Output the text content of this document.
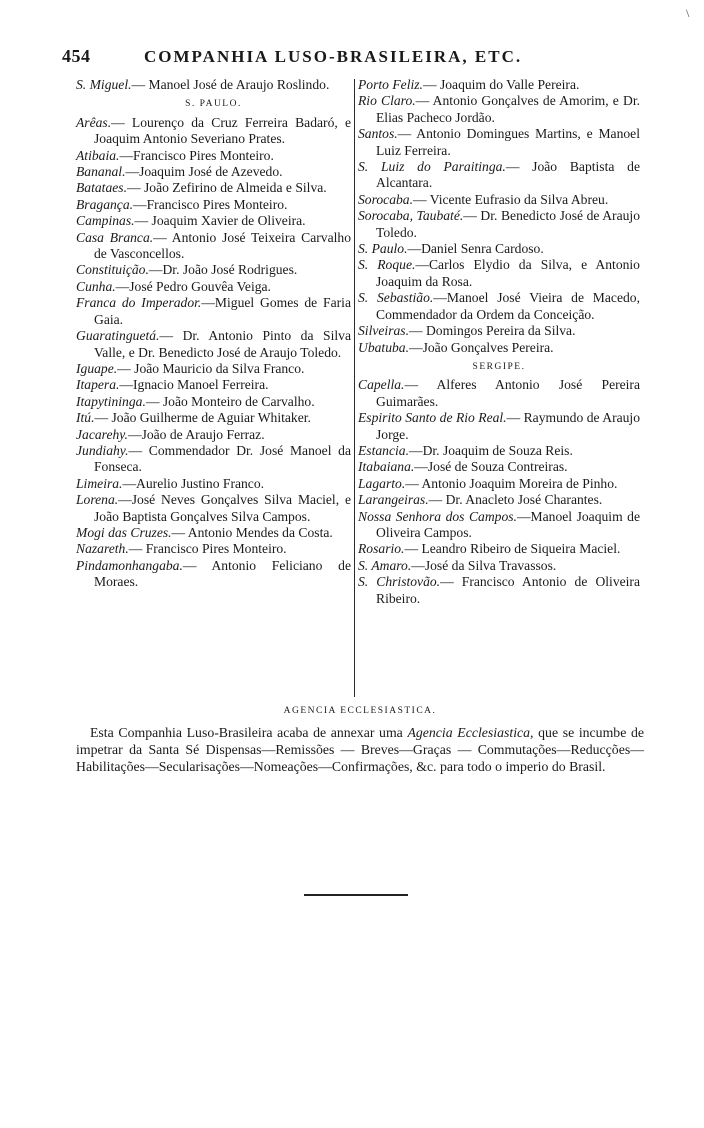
\
454	COMPANHIA LUSO-BRASILEIRA, ETC.

S. Miguel.— Manoel José de Araujo Roslindo.

S. PAULO.

Arêas.— Lourenço da Cruz Ferreira Badaró, e Joaquim Antonio Severiano Prates.

Atibaia.—Francisco Pires Monteiro.

Bananal.—Joaquim José de Azevedo.

Batataes.— João Zefirino de Almeida e Silva.

Bragança.—Francisco Pires Monteiro.

Campinas.— Joaquim Xavier de Oliveira.

Casa Branca.— Antonio José Teixeira Carvalho de Vasconcellos.

Constituição.—Dr. João José Rodrigues.

Cunha.—José Pedro Gouvêa Veiga.

Franca do Imperador.—Miguel Gomes de Faria Gaia.

Guaratinguetá.— Dr. Antonio Pinto da Silva Valle, e Dr. Benedicto José de Araujo Toledo.

Iguape.— João Mauricio da Silva Franco.

Itapera.—Ignacio Manoel Ferreira.

Itapytininga.— João Monteiro de Carvalho.

Itú.— João Guilherme de Aguiar Whitaker.

Jacarehy.—João de Araujo Ferraz.

Jundiahy.— Commendador Dr. José Manoel da Fonseca.

Limeira.—Aurelio Justino Franco.

Lorena.—José Neves Gonçalves Silva Maciel, e João Baptista Gonçalves Silva Campos.

Mogi das Cruzes.— Antonio Mendes da Costa.

Nazareth.— Francisco Pires Monteiro.

Pindamonhangaba.— Antonio Feliciano de Moraes.

Porto Feliz.— Joaquim do Valle Pereira.

Rio Claro.— Antonio Gonçalves de Amorim, e Dr. Elias Pacheco Jordão.

Santos.— Antonio Domingues Martins, e Manoel Luiz Ferreira.

S. Luiz do Paraitinga.— João Baptista de Alcantara.

Sorocaba.— Vicente Eufrasio da Silva Abreu.

Sorocaba, Taubaté.— Dr. Benedicto José de Araujo Toledo.

S. Paulo.—Daniel Senra Cardoso.

S. Roque.—Carlos Elydio da Silva, e Antonio Joaquim da Rosa.

S. Sebastião.—Manoel José Vieira de Macedo, Commendador da Ordem da Conceição.

Silveiras.— Domingos Pereira da Silva.

Ubatuba.—João Gonçalves Pereira.

SERGIPE.

Capella.— Alferes Antonio José Pereira Guimarães.

Espirito Santo de Rio Real.— Raymundo de Araujo Jorge.

Estancia.—Dr. Joaquim de Souza Reis.

Itabaiana.—José de Souza Contreiras.

Lagarto.— Antonio Joaquim Moreira de Pinho.

Larangeiras.— Dr. Anacleto José Charantes.

Nossa Senhora dos Campos.—Manoel Joaquim de Oliveira Campos.

Rosario.— Leandro Ribeiro de Siqueira Maciel.

S. Amaro.—José da Silva Travassos.

S. Christovão.— Francisco Antonio de Oliveira Ribeiro.

AGENCIA ECCLESIASTICA.

Esta Companhia Luso-Brasileira acaba de annexar uma Agencia Ecclesiastica, que se incumbe de impetrar da Santa Sé Dispensas—Remissões — Breves—Graças — Commutações—Reducções—Habilitações—Secularisações—Nomeações—Confirmações, &c. para todo o imperio do Brasil.
